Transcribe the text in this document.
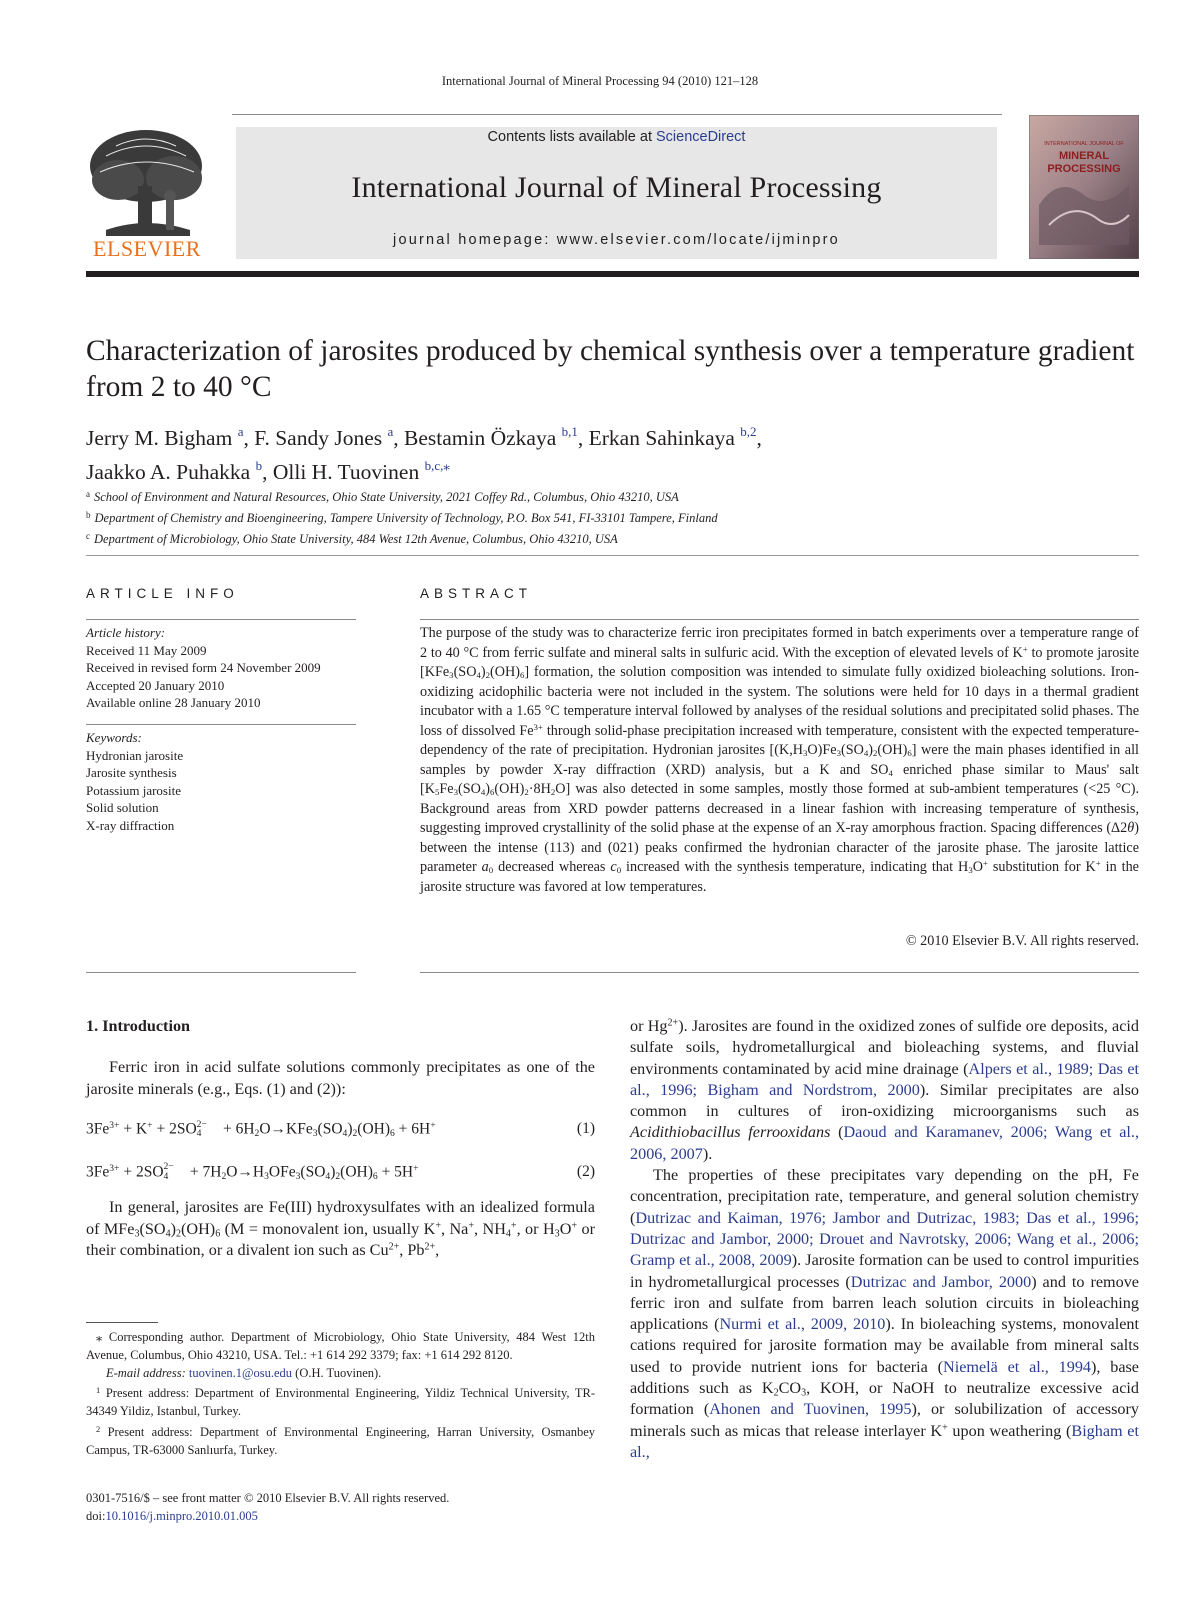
International Journal of Mineral Processing 94 (2010) 121–128
ELSEVIER
Contents lists available at ScienceDirect
International Journal of Mineral Processing
journal homepage: www.elsevier.com/locate/ijminpro
INTERNATIONAL JOURNAL OF
MINERAL
PROCESSING
Characterization of jarosites produced by chemical synthesis over a temperature gradient from 2 to 40 °C
Jerry M. Bigham $^a$, F. Sandy Jones $^a$, Bestamin Özkaya $^{b,1}$, Erkan Sahinkaya $^{b,2}$,
Jaakko A. Puhakka $^b$, Olli H. Tuovinen $^{b,c,⁎}$
$^a$ School of Environment and Natural Resources, Ohio State University, 2021 Coffey Rd., Columbus, Ohio 43210, USA
$^b$ Department of Chemistry and Bioengineering, Tampere University of Technology, P.O. Box 541, FI-33101 Tampere, Finland
$^c$ Department of Microbiology, Ohio State University, 484 West 12th Avenue, Columbus, Ohio 43210, USA
ARTICLE INFO	ABSTRACT
Article history:
Received 11 May 2009
Received in revised form 24 November 2009
Accepted 20 January 2010
Available online 28 January 2010
Keywords:
Hydronian jarosite
Jarosite synthesis
Potassium jarosite
Solid solution
X-ray diffraction
The purpose of the study was to characterize ferric iron precipitates formed in batch experiments over a temperature range of 2 to 40 °C from ferric sulfate and mineral salts in sulfuric acid. With the exception of elevated levels of K+ to promote jarosite $[KFe_3(SO_4)_2(OH)_6]$ formation, the solution composition was intended to simulate fully oxidized bioleaching solutions. Iron-oxidizing acidophilic bacteria were not included in the system. The solutions were held for 10 days in a thermal gradient incubator with a 1.65 °C temperature interval followed by analyses of the residual solutions and precipitated solid phases. The loss of dissolved $Fe^{3+}$ through solid-phase precipitation increased with temperature, consistent with the expected temperature-dependency of the rate of precipitation. Hydronian jarosites $[(K,H_3O)Fe_3(SO_4)_2(OH)_6]$ were the main phases identified in all samples by powder X-ray diffraction (XRD) analysis, but a K and $SO_4$ enriched phase similar to Maus' salt $[K_5Fe_3(SO_4)_6(OH)_2\cdot 8H_2O]$ was also detected in some samples, mostly those formed at sub-ambient temperatures (<25 °C). Background areas from XRD powder patterns decreased in a linear fashion with increasing temperature of synthesis, suggesting improved crystallinity of the solid phase at the expense of an X-ray amorphous fraction. Spacing differences (Δ2θ) between the intense (113) and (021) peaks confirmed the hydronian character of the jarosite phase. The jarosite lattice parameter $a_0$ decreased whereas $c_0$ increased with the synthesis temperature, indicating that $H_3O^+$ substitution for K+ in the jarosite structure was favored at low temperatures.
© 2010 Elsevier B.V. All rights reserved.
1. Introduction

Ferric iron in acid sulfate solutions commonly precipitates as one of the jarosite minerals (e.g., Eqs. (1) and (2)):

$3Fe^{3+} + K^+ + 2SO$ 2−
$4 + 6H_2O\to KFe_3(SO_4)_2(OH)_6 + 6H^+$	(1)
$3Fe^{3+} + 2SO$ 2−
$4 + 7H_2O\to H_3OFe_3(SO_4)_2(OH)_6 + 5H^+$	(2)

In general, jarosites are Fe(III) hydroxysulfates with an idealized formula of $MFe_3(SO_4)_2(OH)_6$ (M = monovalent ion, usually K+, Na+, $NH_4^+$, or $H_3O^+$ or their combination, or a divalent ion such as $Cu^{2+}$, $Pb^{2+}$,

⁎ Corresponding author. Department of Microbiology, Ohio State University, 484 West 12th Avenue, Columbus, Ohio 43210, USA. Tel.: +1 614 292 3379; fax: +1 614 292 8120.
E-mail address: tuovinen.1@osu.edu (O.H. Tuovinen).
$^1$ Present address: Department of Environmental Engineering, Yildiz Technical University, TR-34349 Yildiz, Istanbul, Turkey.
$^2$ Present address: Department of Environmental Engineering, Harran University, Osmanbey Campus, TR-63000 Sanlıurfa, Turkey.
0301-7516/$ – see front matter © 2010 Elsevier B.V. All rights reserved.
doi:10.1016/j.minpro.2010.01.005
or $Hg^{2+}$). Jarosites are found in the oxidized zones of sulfide ore deposits, acid sulfate soils, hydrometallurgical and bioleaching systems, and fluvial environments contaminated by acid mine drainage (Alpers et al., 1989; Das et al., 1996; Bigham and Nordstrom, 2000). Similar precipitates are also common in cultures of iron-oxidizing microorganisms such as Acidithiobacillus ferrooxidans (Daoud and Karamanev, 2006; Wang et al., 2006, 2007).

The properties of these precipitates vary depending on the pH, Fe concentration, precipitation rate, temperature, and general solution chemistry (Dutrizac and Kaiman, 1976; Jambor and Dutrizac, 1983; Das et al., 1996; Dutrizac and Jambor, 2000; Drouet and Navrotsky, 2006; Wang et al., 2006; Gramp et al., 2008, 2009). Jarosite formation can be used to control impurities in hydrometallurgical processes (Dutrizac and Jambor, 2000) and to remove ferric iron and sulfate from barren leach solution circuits in bioleaching applications (Nurmi et al., 2009, 2010). In bioleaching systems, monovalent cations required for jarosite formation may be available from mineral salts used to provide nutrient ions for bacteria (Niemelä et al., 1994), base additions such as $K_2CO_3$, KOH, or NaOH to neutralize excessive acid formation (Ahonen and Tuovinen, 1995), or solubilization of accessory minerals such as micas that release interlayer K+ upon weathering (Bigham et al.,
